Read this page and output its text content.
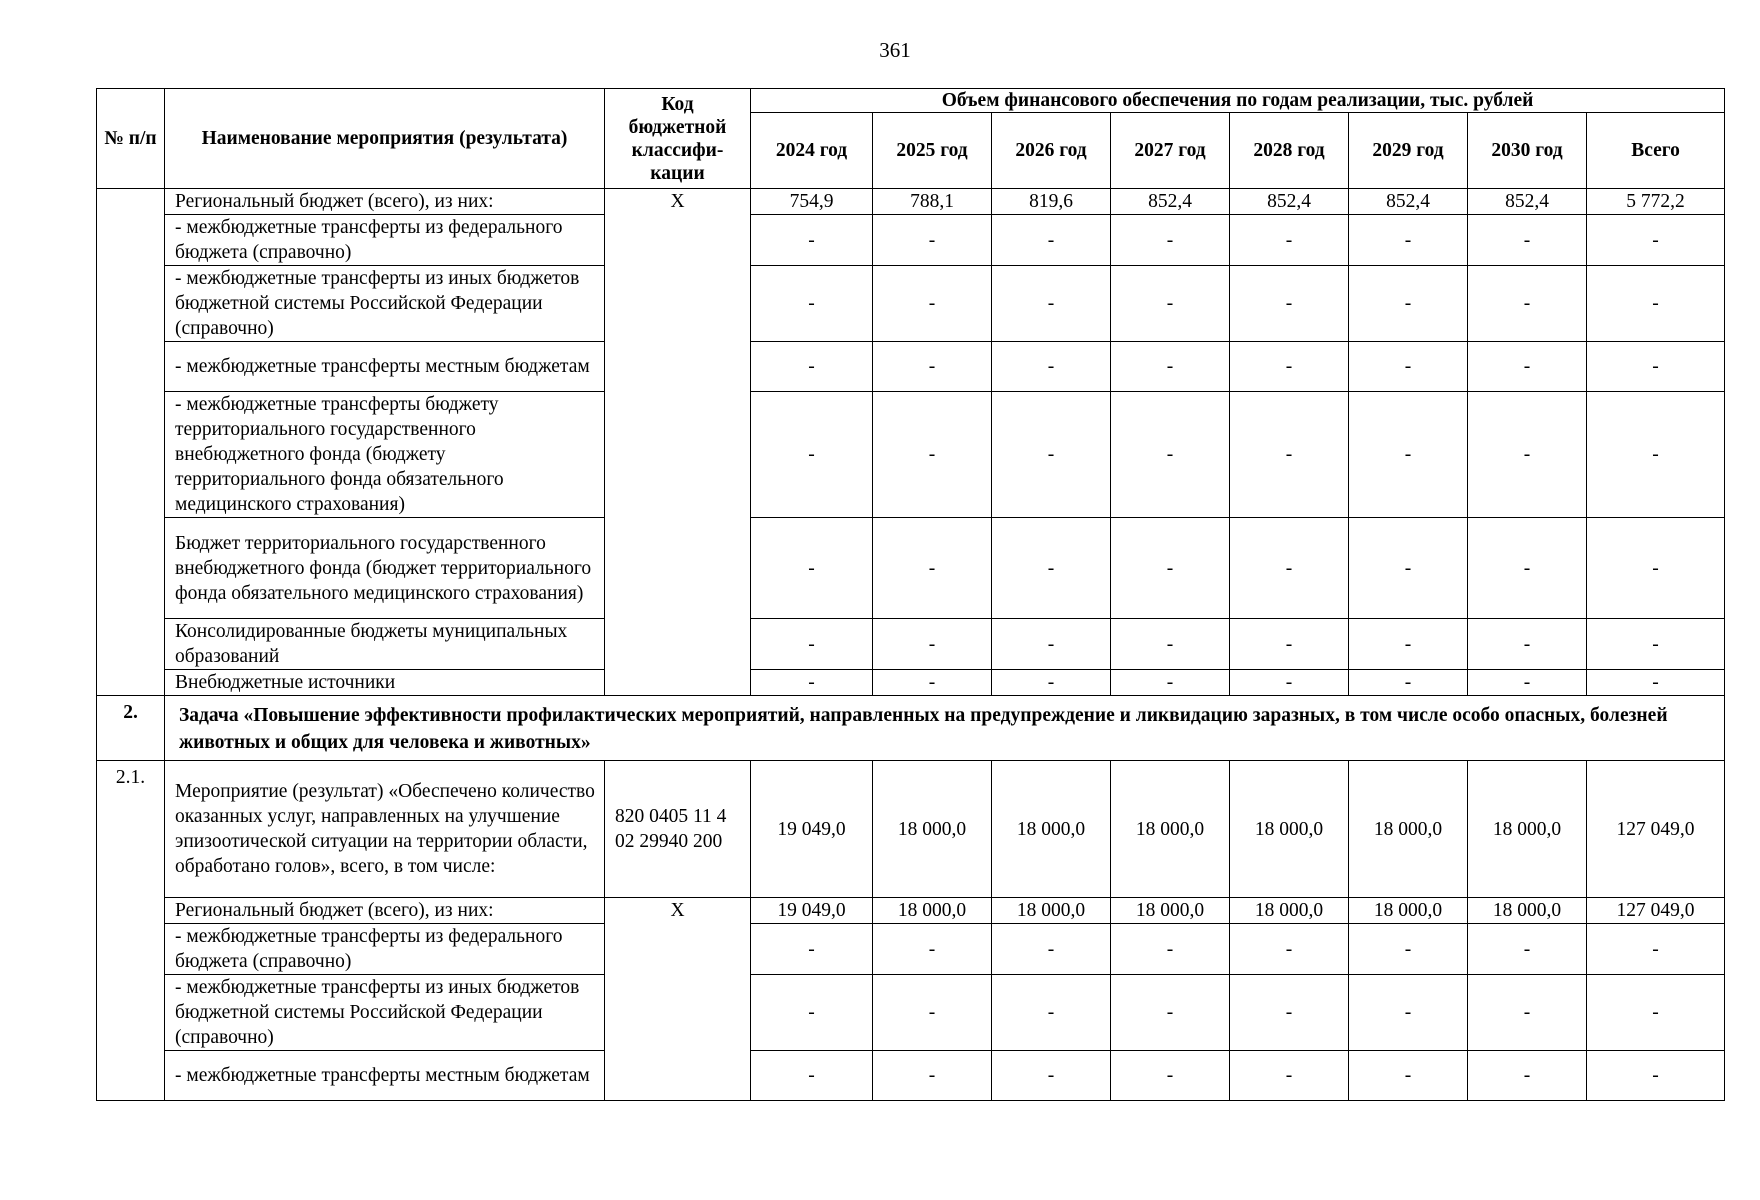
361
№ п/п	Наименование мероприятия (результата)	Код бюджетной классифи-кации	Объем финансового обеспечения по годам реализации, тыс. рублей							
			2024 год	2025 год	2026 год	2027 год	2028 год	2029 год	2030 год	Всего
	Региональный бюджет (всего), из них:	Х	754,9	788,1	819,6	852,4	852,4	852,4	852,4	5 772,2
	- межбюджетные трансферты из федерального бюджета (справочно)		-	-	-	-	-	-	-	-
	- межбюджетные трансферты из иных бюджетов бюджетной системы Российской Федерации (справочно)		-	-	-	-	-	-	-	-
	- межбюджетные трансферты местным бюджетам		-	-	-	-	-	-	-	-
	- межбюджетные трансферты бюджету территориального государственного внебюджетного фонда (бюджету территориального фонда обязательного медицинского страхования)		-	-	-	-	-	-	-	-
	Бюджет территориального государственного внебюджетного фонда (бюджет территориального фонда обязательного медицинского страхования)		-	-	-	-	-	-	-	-
	Консолидированные бюджеты муниципальных образований		-	-	-	-	-	-	-	-
	Внебюджетные источники		-	-	-	-	-	-	-	-
2.	Задача «Повышение эффективности профилактических мероприятий, направленных на предупреждение и ликвидацию заразных, в том числе особо опасных, болезней животных и общих для человека и животных»									
2.1.	Мероприятие (результат) «Обеспечено количество оказанных услуг, направленных на улучшение эпизоотической ситуации на территории области, обработано голов», всего, в том числе:	820 0405 11 4 02 29940 200	19 049,0	18 000,0	18 000,0	18 000,0	18 000,0	18 000,0	18 000,0	127 049,0
	Региональный бюджет (всего), из них:	Х	19 049,0	18 000,0	18 000,0	18 000,0	18 000,0	18 000,0	18 000,0	127 049,0
	- межбюджетные трансферты из федерального бюджета (справочно)		-	-	-	-	-	-	-	-
	- межбюджетные трансферты из иных бюджетов бюджетной системы Российской Федерации (справочно)		-	-	-	-	-	-	-	-
	- межбюджетные трансферты местным бюджетам		-	-	-	-	-	-	-	-
